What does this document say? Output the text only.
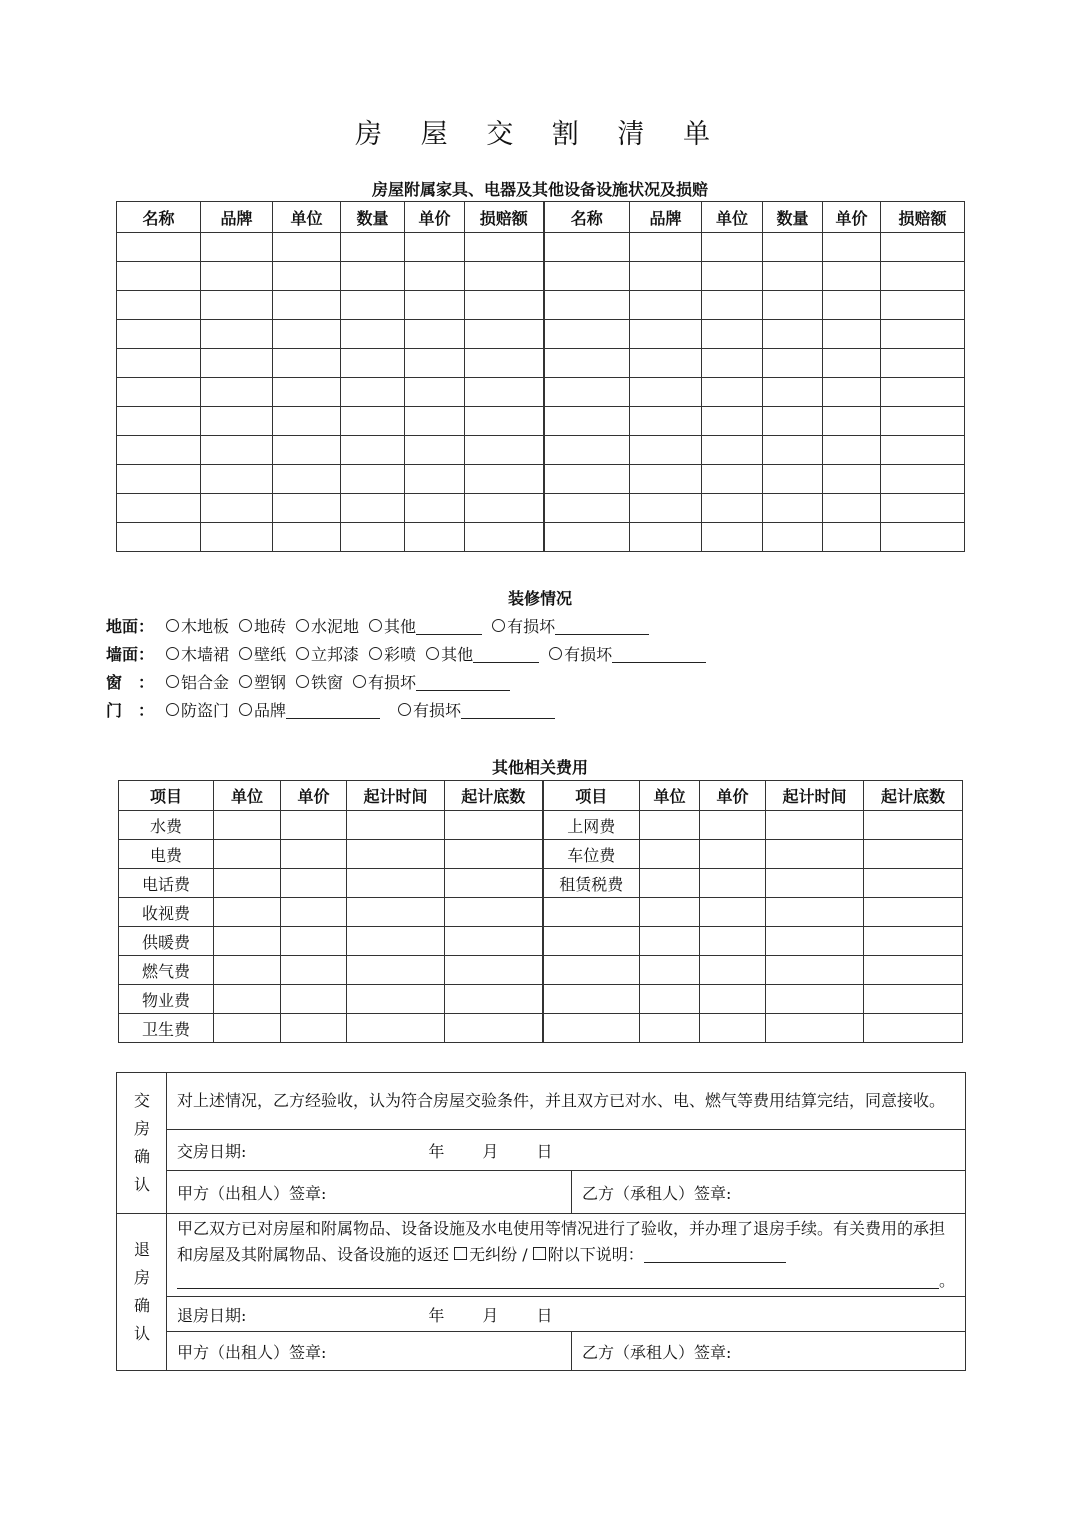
房 屋 交 割 清 单
房屋附属家具、电器及其他设备设施状况及损赔
名称	品牌	单位	数量	单价	损赔额	名称	品牌	单位	数量	单价	损赔额

装修情况
地面： 木地板 地砖 水泥地 其他	有损坏
墙面： 木墙裙 壁纸 立邦漆 彩喷 其他	有损坏
窗　： 铝合金 塑钢 铁窗 有损坏
门　： 防盗门 品牌	有损坏
其他相关费用
项目	单位	单价	起计时间	起计底数	项目	单位	单价	起计时间	起计底数
水费					上网费				
电费					车位费				
电话费					租赁税费				
收视费									
供暖费									
燃气费									
物业费									
卫生费									
交房确认	对上述情况，乙方经验收，认为符合房屋交验条件，并且双方已对水、电、燃气等费用结算完结，同意接收。	
	交房日期: 年 月 日	
	甲方（出租人）签章:	乙方（承租人）签章:
退房确认	甲乙双方已对房屋和附属物品、设备设施及水电使用等情况进行了验收，并办理了退房手续。有关费用的承担和房屋及其附属物品、设备设施的返还 无纠纷 / 附以下说明：
。	
	退房日期: 年 月 日	
	甲方（出租人）签章:	乙方（承租人）签章:
